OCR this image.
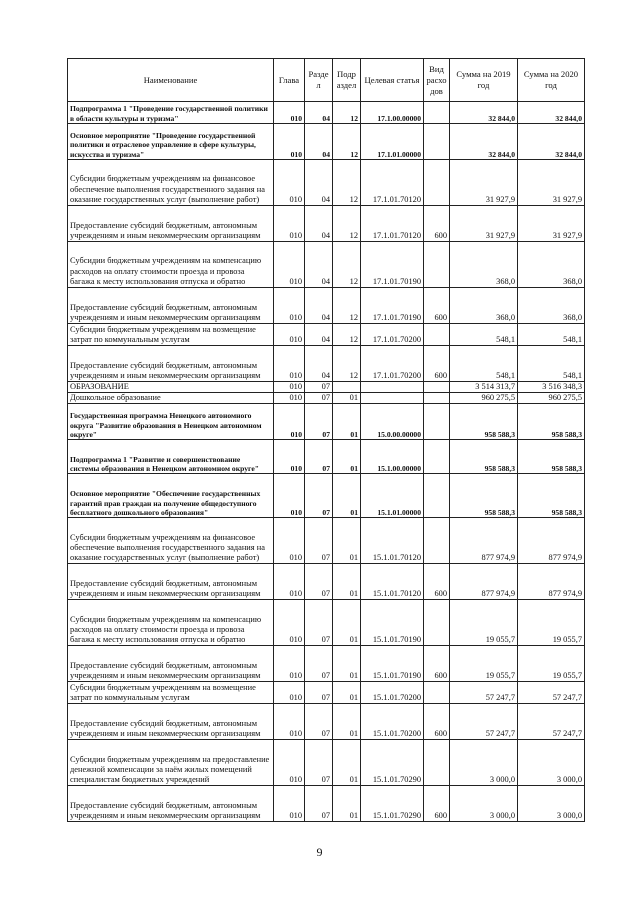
Наименование	Глава	Разде л	Подр аздел	Целевая статья	Вид расхо дов	Сумма на 2019 год	Сумма на 2020 год
Подпрограмма 1 "Проведение государственной политики в области культуры и туризма"	010	04	12	17.1.00.00000		32 844,0	32 844,0
Основное мероприятие "Проведение государственной политики и отраслевое управление в сфере культуры, искусства и туризма"	010	04	12	17.1.01.00000		32 844,0	32 844,0
Субсидии бюджетным учреждениям на финансовое обеспечение выполнения государственного задания на оказание государственных услуг (выполнение работ)	010	04	12	17.1.01.70120		31 927,9	31 927,9
Предоставление субсидий бюджетным, автономным учреждениям и иным некоммерческим организациям	010	04	12	17.1.01.70120	600	31 927,9	31 927,9
Субсидии бюджетным учреждениям на компенсацию расходов на оплату стоимости проезда и провоза багажа к месту использования отпуска и обратно	010	04	12	17.1.01.70190		368,0	368,0
Предоставление субсидий бюджетным, автономным учреждениям и иным некоммерческим организациям	010	04	12	17.1.01.70190	600	368,0	368,0
Субсидии бюджетным учреждениям на возмещение затрат по коммунальным услугам	010	04	12	17.1.01.70200		548,1	548,1
Предоставление субсидий бюджетным, автономным учреждениям и иным некоммерческим организациям	010	04	12	17.1.01.70200	600	548,1	548,1
ОБРАЗОВАНИЕ	010	07				3 514 313,7	3 516 348,3
Дошкольное образование	010	07	01			960 275,5	960 275,5
Государственная программа Ненецкого автономного округа "Развитие образования в Ненецком автономном округе"	010	07	01	15.0.00.00000		958 588,3	958 588,3
Подпрограмма 1 "Развитие и совершенствование системы образования в Ненецком автономном округе"	010	07	01	15.1.00.00000		958 588,3	958 588,3
Основное мероприятие "Обеспечение государственных гарантий прав граждан на получение общедоступного бесплатного дошкольного образования"	010	07	01	15.1.01.00000		958 588,3	958 588,3
Субсидии бюджетным учреждениям на финансовое обеспечение выполнения государственного задания на оказание государственных услуг (выполнение работ)	010	07	01	15.1.01.70120		877 974,9	877 974,9
Предоставление субсидий бюджетным, автономным учреждениям и иным некоммерческим организациям	010	07	01	15.1.01.70120	600	877 974,9	877 974,9
Субсидии бюджетным учреждениям на компенсацию расходов на оплату стоимости проезда и провоза багажа к месту использования отпуска и обратно	010	07	01	15.1.01.70190		19 055,7	19 055,7
Предоставление субсидий бюджетным, автономным учреждениям и иным некоммерческим организациям	010	07	01	15.1.01.70190	600	19 055,7	19 055,7
Субсидии бюджетным учреждениям на возмещение затрат по коммунальным услугам	010	07	01	15.1.01.70200		57 247,7	57 247,7
Предоставление субсидий бюджетным, автономным учреждениям и иным некоммерческим организациям	010	07	01	15.1.01.70200	600	57 247,7	57 247,7
Субсидии бюджетным учреждениям на предоставление денежной компенсации за наём жилых помещений специалистам бюджетных учреждений	010	07	01	15.1.01.70290		3 000,0	3 000,0
Предоставление субсидий бюджетным, автономным учреждениям и иным некоммерческим организациям	010	07	01	15.1.01.70290	600	3 000,0	3 000,0
9
